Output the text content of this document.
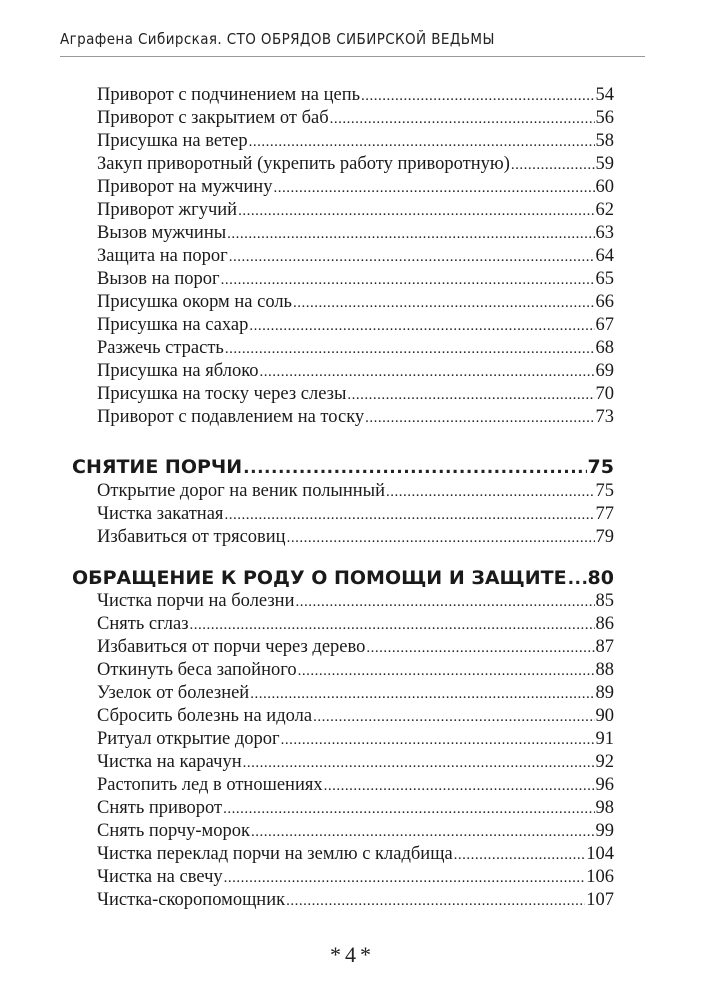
Аграфена Сибирская. СТО ОБРЯДОВ СИБИРСКОЙ ВЕДЬМЫ
Приворот с подчинением на цепь .....	54
Приворот с закрытием от баб .....	56
Присушка на ветер .....	58
Закуп приворотный (укрепить работу приворотную) .....	59
Приворот на мужчину .....	60
Приворот жгучий .....	62
Вызов мужчины .....	63
Защита на порог .....	64
Вызов на порог .....	65
Присушка окорм на соль .....	66
Присушка на сахар .....	67
Разжечь страсть .....	68
Присушка на яблоко .....	69
Присушка на тоску через слезы .....	70
Приворот с подавлением на тоску .....	73
СНЯТИЕ ПОРЧИ .....	75
Открытие дорог на веник полынный .....	75
Чистка закатная .....	77
Избавиться от трясовиц .....	79
ОБРАЩЕНИЕ К РОДУ О ПОМОЩИ И ЗАЩИТЕ ..... 80
Чистка порчи на болезни .....	85
Снять сглаз .....	86
Избавиться от порчи через дерево .....	87
Откинуть беса запойного .....	88
Узелок от болезней .....	89
Сбросить болезнь на идола .....	90
Ритуал открытие дорог .....	91
Чистка на карачун .....	92
Растопить лед в отношениях .....	96
Снять приворот .....	98
Снять порчу-морок .....	99
Чистка переклад порчи на землю с кладбища .....	104
Чистка на свечу .....	106
Чистка-скоропомощник .....	107
*4*
